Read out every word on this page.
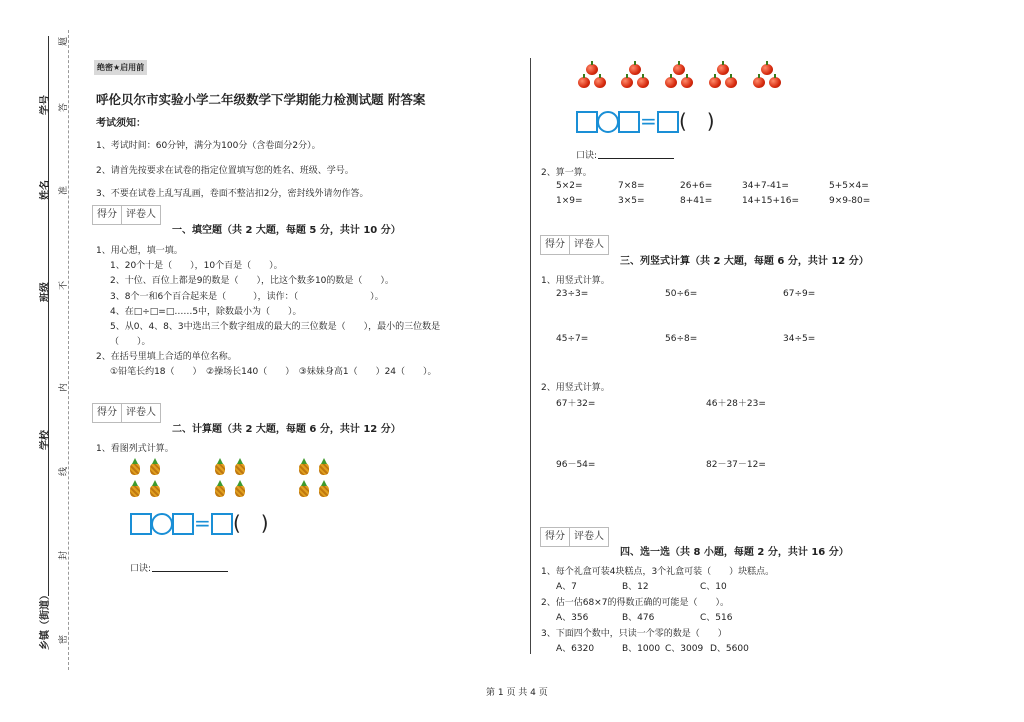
学号
姓名
班级
学校
乡镇（街道）
题
答
准
不
内
线
封
密
绝密★启用前
呼伦贝尔市实验小学二年级数学下学期能力检测试题 附答案
考试须知：
1、考试时间：60分钟，满分为100分（含卷面分2分）。
2、请首先按要求在试卷的指定位置填写您的姓名、班级、学号。
3、不要在试卷上乱写乱画，卷面不整洁扣2分，密封线外请勿作答。
得分 评卷人
一、填空题（共 2 大题，每题 5 分，共计 10 分）
1、用心想，填一填。
1、20个十是（　　），10个百是（　　）。
2、十位、百位上都是9的数是（　　），比这个数多10的数是（　　）。
3、8个一和6个百合起来是（　　　），读作：（　　　　　　　　）。
4、在□÷□=□……5中，除数最小为（　　）。
5、从0、4、8、3中选出三个数字组成的最大的三位数是（　　），最小的三位数是
（　　）。
2、在括号里填上合适的单位名称。
①铅笔长约18（　　）　②操场长140（　　）　③妹妹身高1（　　）24（　　）。
得分 评卷人
二、计算题（共 2 大题，每题 6 分，共计 12 分）
1、看图列式计算。
= (　)
口诀:
= (　)
口诀:
2、算一算。
5×2=	7×8=	26+6=	34+7-41=	5+5×4=
1×9=	3×5=	8+41=	14+15+16=	9×9-80=
得分 评卷人
三、列竖式计算（共 2 大题，每题 6 分，共计 12 分）
1、用竖式计算。
23÷3=	50÷6=	67÷9=
45÷7=	56÷8=	34÷5=
2、用竖式计算。
67＋32=	46＋28＋23=
96－54=	82－37－12=
得分 评卷人
四、选一选（共 8 小题，每题 2 分，共计 16 分）
1、每个礼盒可装4块糕点，3个礼盒可装（　　）块糕点。
A、7	B、12	C、10
2、估一估68×7的得数正确的可能是（　　）。
A、356	B、476	C、516
3、下面四个数中，只读一个零的数是（　　）
A、6320	B、1000 C、3009 D、5600
第 1 页 共 4 页
